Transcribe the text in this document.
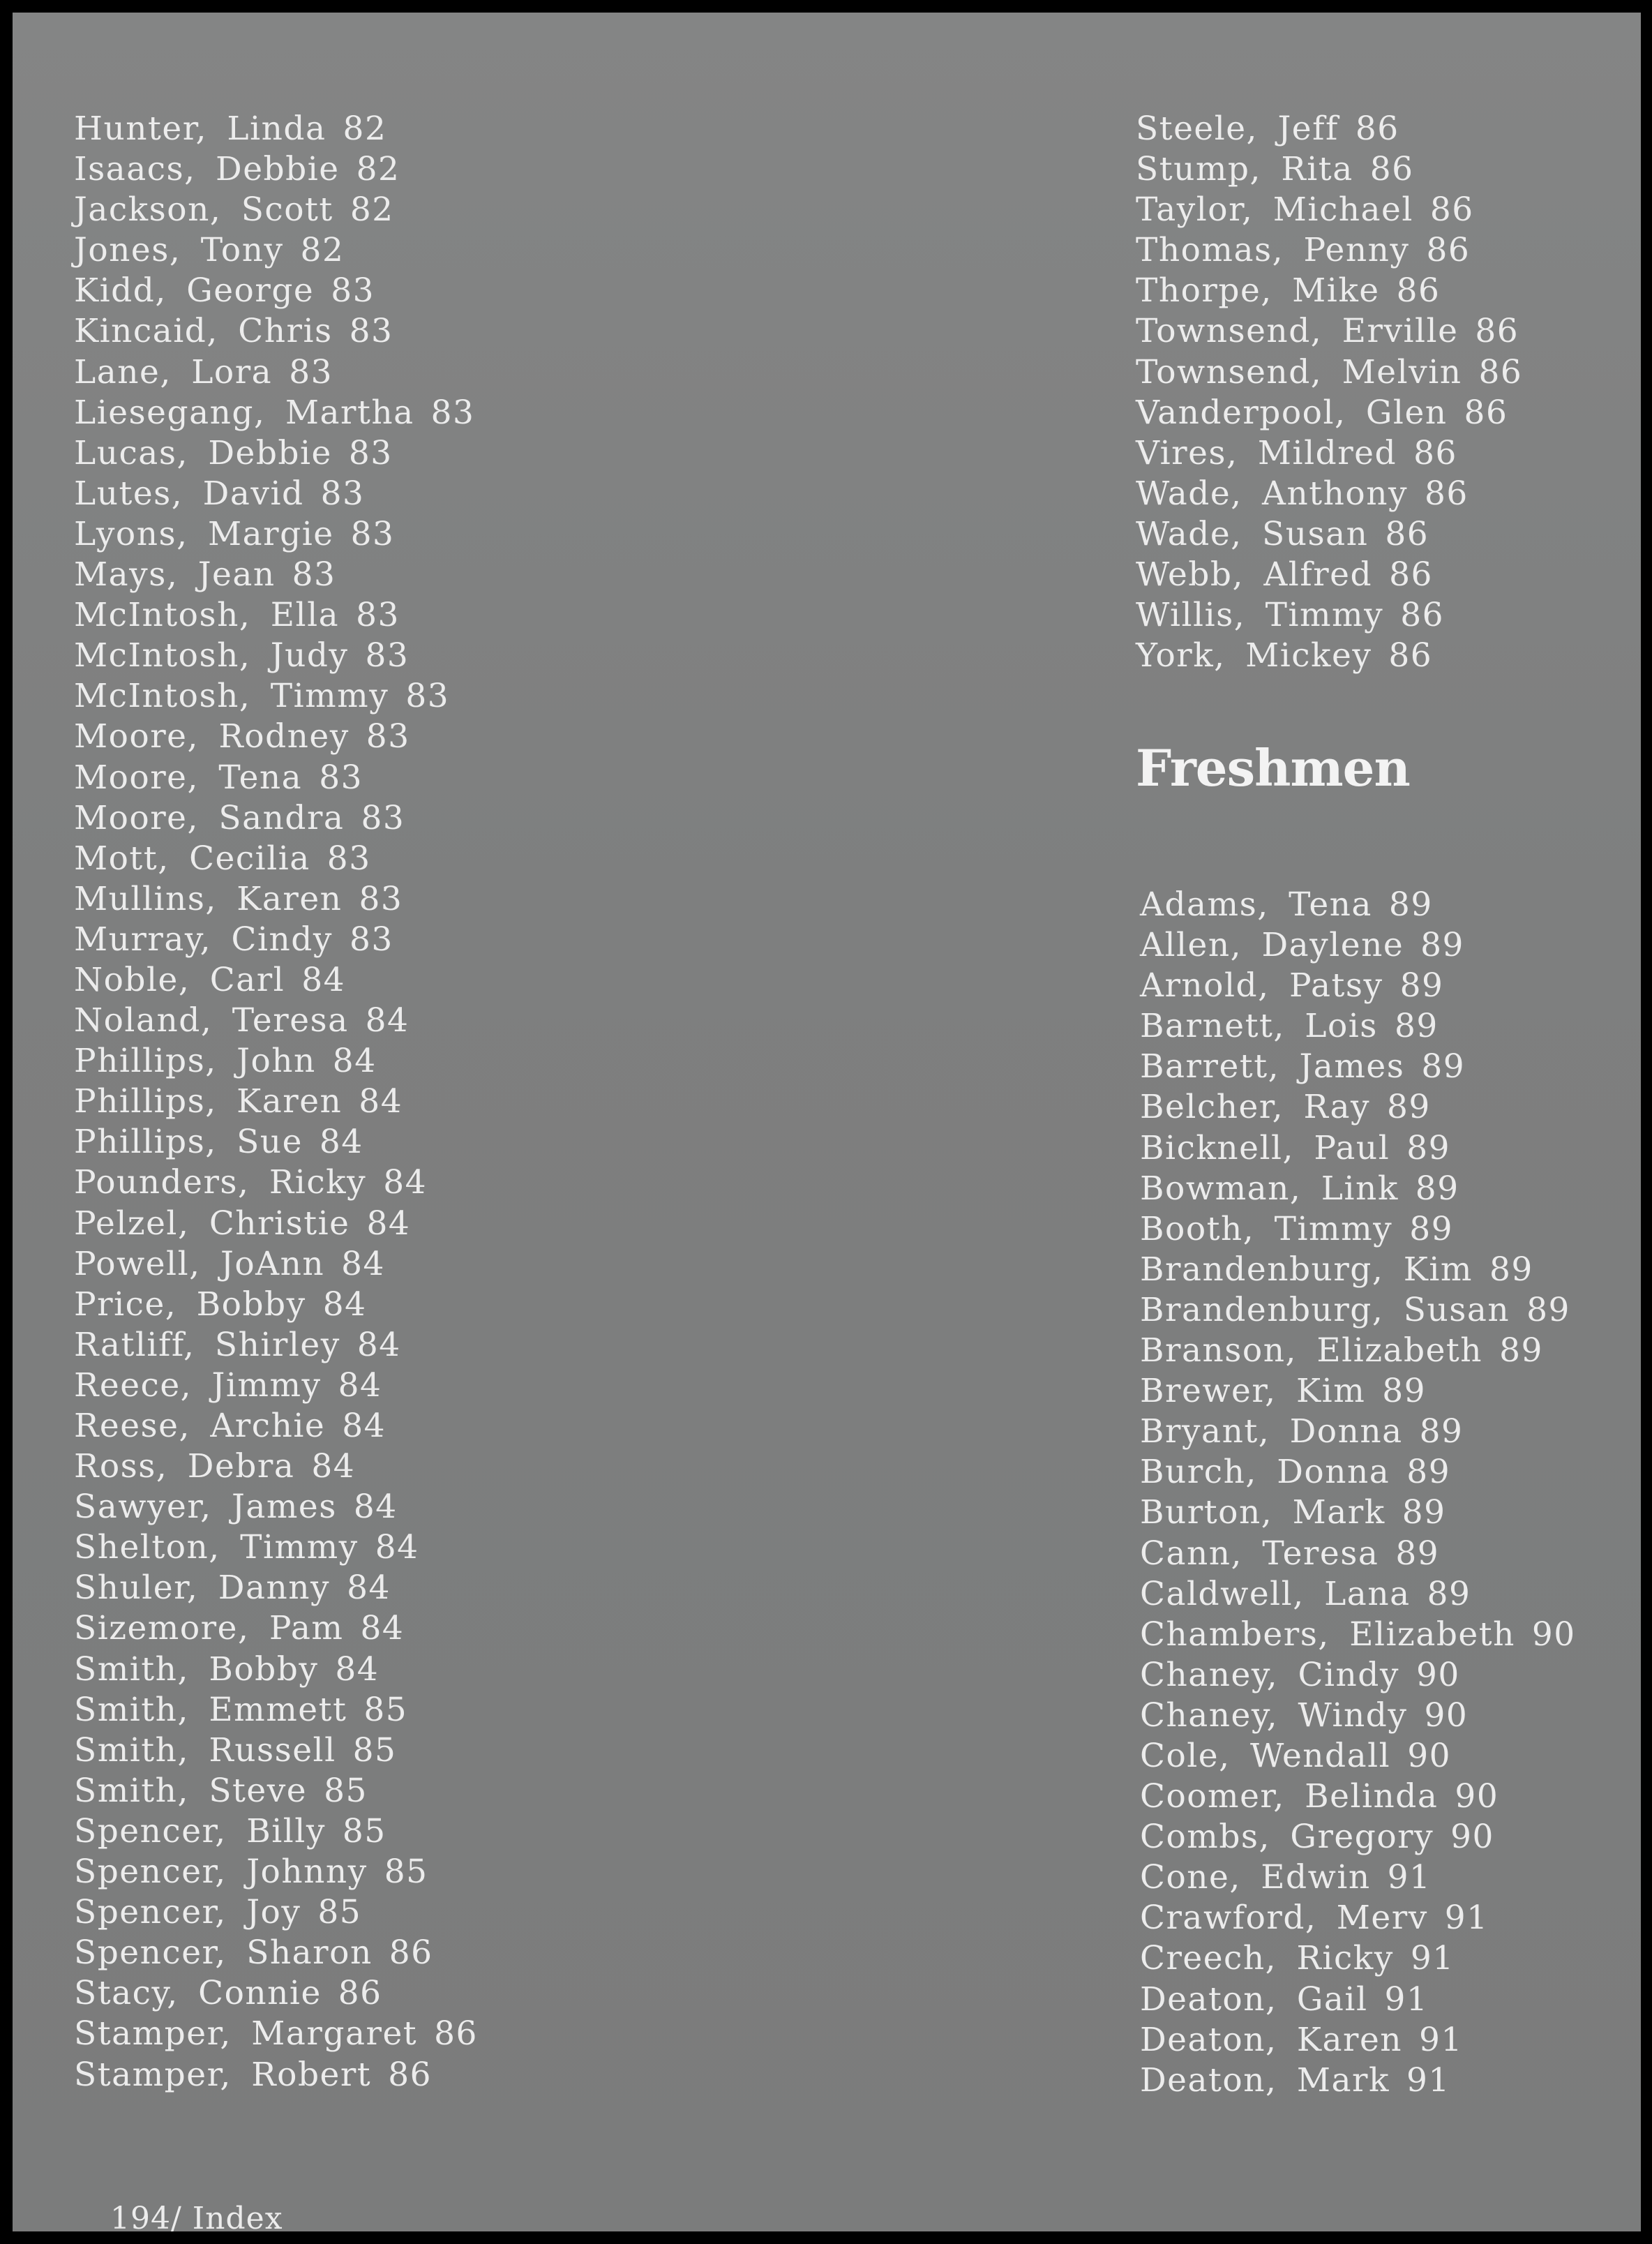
Hunter, Linda 82
Isaacs, Debbie 82
Jackson, Scott 82
Jones, Tony 82
Kidd, George 83
Kincaid, Chris 83
Lane, Lora 83
Liesegang, Martha 83
Lucas, Debbie 83
Lutes, David 83
Lyons, Margie 83
Mays, Jean 83
McIntosh, Ella 83
McIntosh, Judy 83
McIntosh, Timmy 83
Moore, Rodney 83
Moore, Tena 83
Moore, Sandra 83
Mott, Cecilia 83
Mullins, Karen 83
Murray, Cindy 83
Noble, Carl 84
Noland, Teresa 84
Phillips, John 84
Phillips, Karen 84
Phillips, Sue 84
Pounders, Ricky 84
Pelzel, Christie 84
Powell, JoAnn 84
Price, Bobby 84
Ratliff, Shirley 84
Reece, Jimmy 84
Reese, Archie 84
Ross, Debra 84
Sawyer, James 84
Shelton, Timmy 84
Shuler, Danny 84
Sizemore, Pam 84
Smith, Bobby 84
Smith, Emmett 85
Smith, Russell 85
Smith, Steve 85
Spencer, Billy 85
Spencer, Johnny 85
Spencer, Joy 85
Spencer, Sharon 86
Stacy, Connie 86
Stamper, Margaret 86
Stamper, Robert 86
Steele, Jeff 86
Stump, Rita 86
Taylor, Michael 86
Thomas, Penny 86
Thorpe, Mike 86
Townsend, Erville 86
Townsend, Melvin 86
Vanderpool, Glen 86
Vires, Mildred 86
Wade, Anthony 86
Wade, Susan 86
Webb, Alfred 86
Willis, Timmy 86
York, Mickey 86
Freshmen
Adams, Tena 89
Allen, Daylene 89
Arnold, Patsy 89
Barnett, Lois 89
Barrett, James 89
Belcher, Ray 89
Bicknell, Paul 89
Bowman, Link 89
Booth, Timmy 89
Brandenburg, Kim 89
Brandenburg, Susan 89
Branson, Elizabeth 89
Brewer, Kim 89
Bryant, Donna 89
Burch, Donna 89
Burton, Mark 89
Cann, Teresa 89
Caldwell, Lana 89
Chambers, Elizabeth 90
Chaney, Cindy 90
Chaney, Windy 90
Cole, Wendall 90
Coomer, Belinda 90
Combs, Gregory 90
Cone, Edwin 91
Crawford, Merv 91
Creech, Ricky 91
Deaton, Gail 91
Deaton, Karen 91
Deaton, Mark 91
194/ Index
